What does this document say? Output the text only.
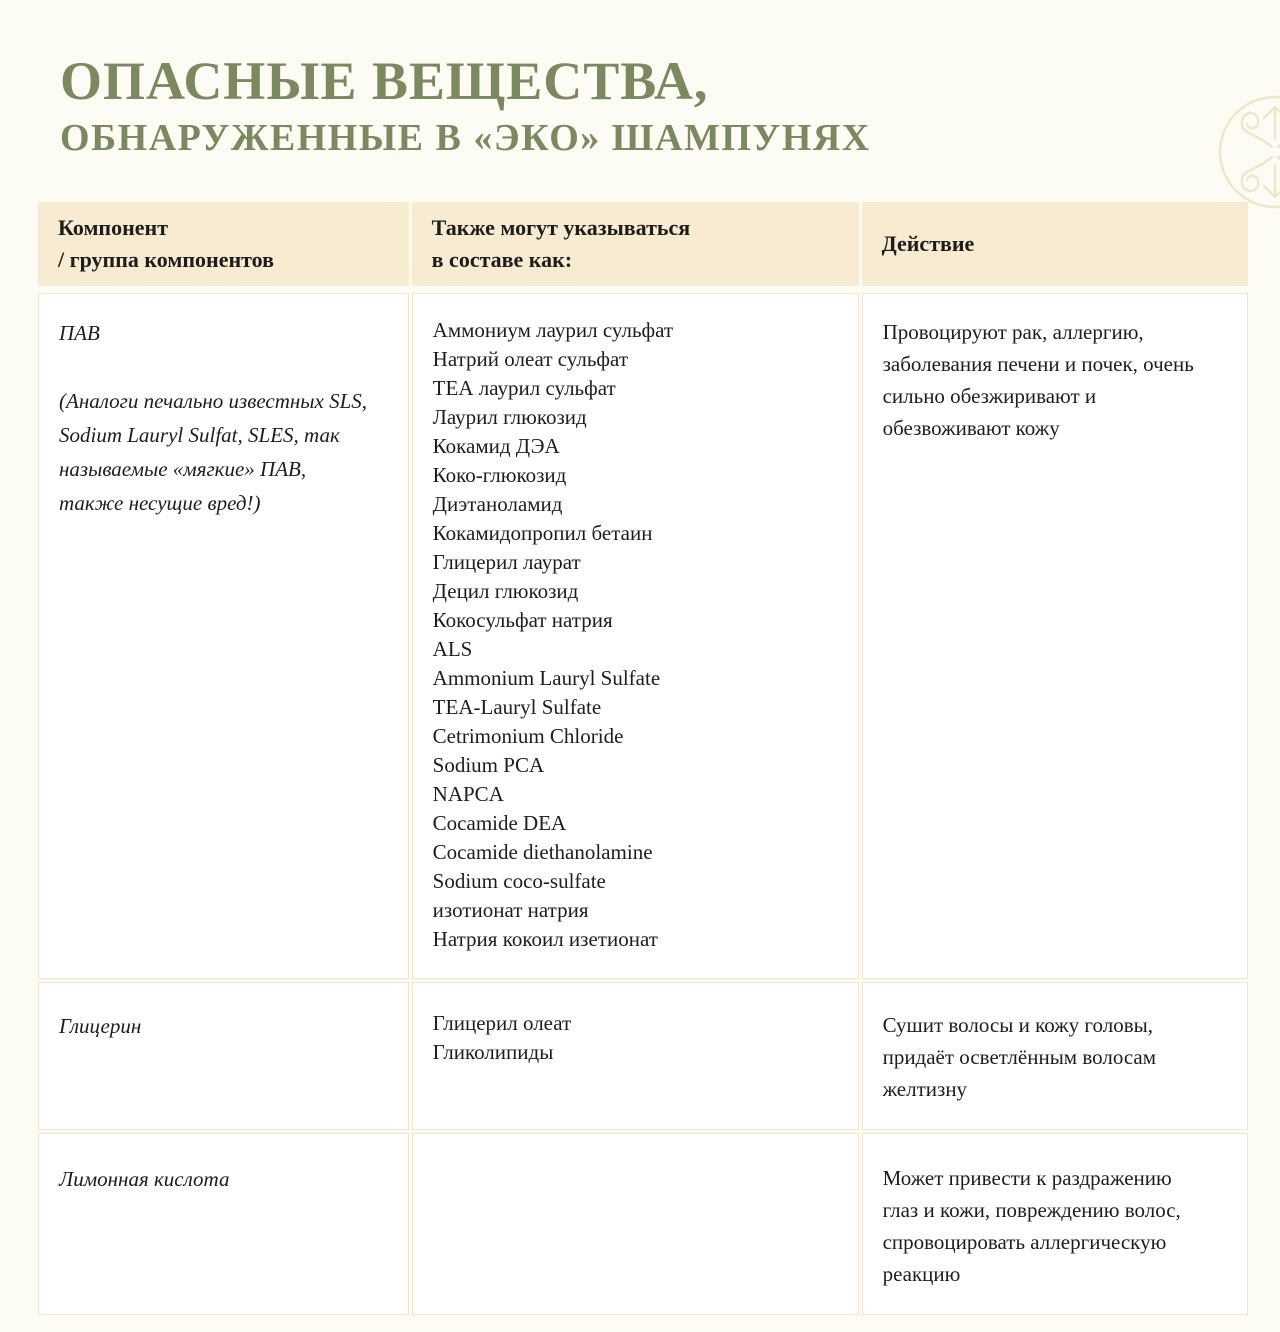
ОПАСНЫЕ ВЕЩЕСТВА,
ОБНАРУЖЕННЫЕ В «ЭКО» ШАМПУНЯХ
Компонент
/ группа компонентов
Также могут указываться
в составе как:
Действие
ПАВ
(Аналоги печально известных SLS, Sodium Lauryl Sulfat, SLES, так называемые «мягкие» ПАВ, также несущие вред!)
Аммониум лаурил сульфат
Натрий олеат сульфат
ТЕА лаурил сульфат
Лаурил глюкозид
Кокамид ДЭА
Коко-глюкозид
Диэтаноламид
Кокамидопропил бетаин
Глицерил лаурат
Децил глюкозид
Кокосульфат натрия
ALS
Ammonium Lauryl Sulfate
TEA-Lauryl Sulfate
Cetrimonium Chloride
Sodium PCA
NAPCA
Cocamide DEA
Cocamide diethanolamine
Sodium coco-sulfate
изотионат натрия
Натрия кокоил изетионат
Провоцируют рак, аллергию, заболевания печени и почек, очень сильно обезжиривают и обезвоживают кожу
Глицерин	Глицерил олеат
Гликолипиды
Сушит волосы и кожу головы, придаёт осветлённым волосам желтизну
Лимонная кислота	Может привести к раздражению глаз и кожи, повреждению волос, спровоцировать аллергическую реакцию
